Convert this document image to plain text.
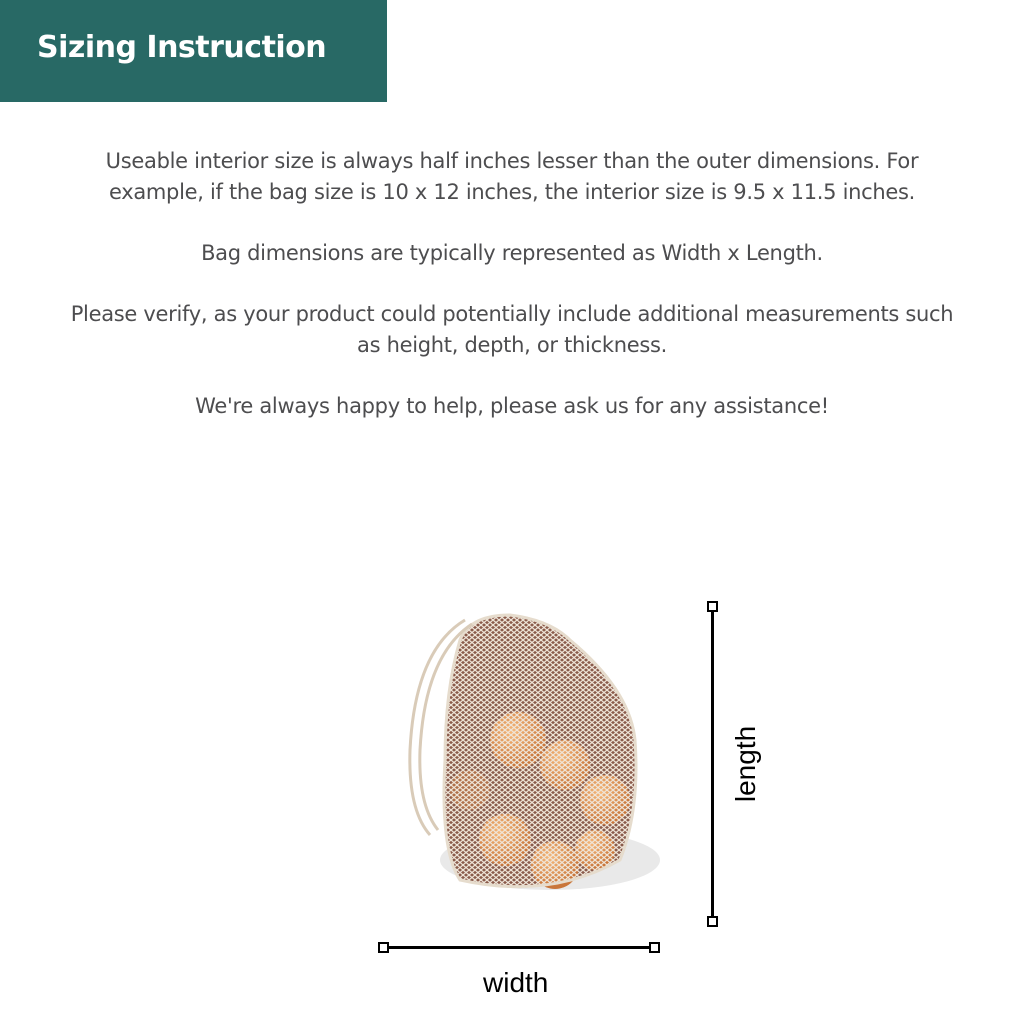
Sizing Instruction

Useable interior size is always half inches lesser than the outer dimensions. For example, if the bag size is 10 x 12 inches, the interior size is 9.5 x 11.5 inches.

Bag dimensions are typically represented as Width x Length.

Please verify, as your product could potentially include additional measurements such as height, depth, or thickness.

We're always happy to help, please ask us for any assistance!

width
length
